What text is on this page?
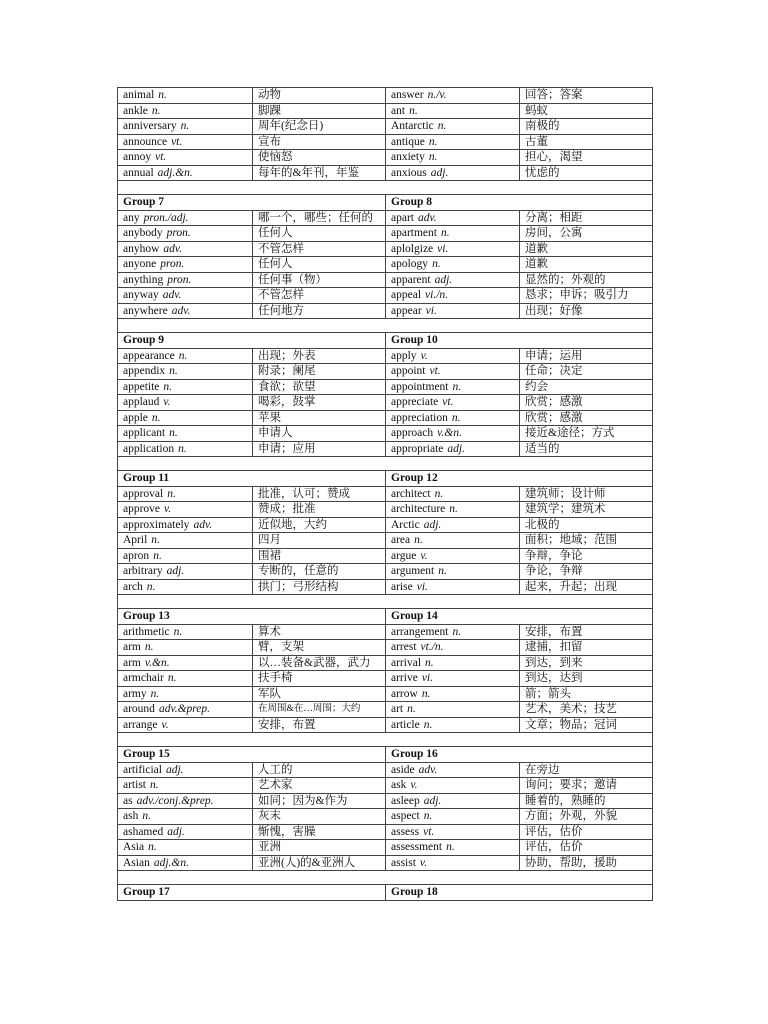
animal n.	动物	answer n./v.	回答；答案
ankle n.	脚踝	ant n.	蚂蚁
anniversary n.	周年(纪念日)	Antarctic n.	南极的
announce vt.	宣布	antique n.	古董
annoy vt.	使恼怒	anxiety n.	担心，渴望
annual adj.&n.	每年的&年刊，年鉴	anxious adj.	忧虑的

Group 7		Group 8	
any pron./adj.	哪一个，哪些；任何的	apart adv.	分离；相距
anybody pron.	任何人	apartment n.	房间，公寓
anyhow adv.	不管怎样	aplolgize vi.	道歉
anyone pron.	任何人	apology n.	道歉
anything pron.	任何事（物）	apparent adj.	显然的；外观的
anyway adv.	不管怎样	appeal vi./n.	恳求；申诉；吸引力
anywhere adv.	任何地方	appear vi.	出现；好像

Group 9		Group 10	
appearance n.	出现；外表	apply v.	申请；运用
appendix n.	附录；阑尾	appoint vt.	任命；决定
appetite n.	食欲；欲望	appointment n.	约会
applaud v.	喝彩，鼓掌	appreciate vt.	欣赏；感激
apple n.	苹果	appreciation n.	欣赏；感激
applicant n.	申请人	approach v.&n.	接近&途径；方式
application n.	申请；应用	appropriate adj.	适当的

Group 11		Group 12	
approval n.	批准，认可；赞成	architect n.	建筑师；设计师
approve v.	赞成；批准	architecture n.	建筑学；建筑术
approximately adv.	近似地，大约	Arctic adj.	北极的
April n.	四月	area n.	面积；地域；范围
apron n.	围裙	argue v.	争辩，争论
arbitrary adj.	专断的，任意的	argument n.	争论，争辩
arch n.	拱门；弓形结构	arise vi.	起来，升起；出现

Group 13		Group 14	
arithmetic n.	算术	arrangement n.	安排，布置
arm n.	臂，支架	arrest vt./n.	逮捕，扣留
arm v.&n.	以…装备&武器，武力	arrival n.	到达，到来
armchair n.	扶手椅	arrive vi.	到达，达到
army n.	军队	arrow n.	箭；箭头
around adv.&prep.	在周围&在…周围；大约	art n.	艺术，美术；技艺
arrange v.	安排，布置	article n.	文章；物品；冠词

Group 15		Group 16	
artificial adj.	人工的	aside adv.	在旁边
artist n.	艺术家	ask v.	询问；要求；邀请
as adv./conj.&prep.	如同；因为&作为	asleep adj.	睡着的，熟睡的
ash n.	灰末	aspect n.	方面；外观，外貌
ashamed adj.	惭愧，害臊	assess vt.	评估，估价
Asia n.	亚洲	assessment n.	评估，估价
Asian adj.&n.	亚洲(人)的&亚洲人	assist v.	协助，帮助，援助

Group 17		Group 18	
